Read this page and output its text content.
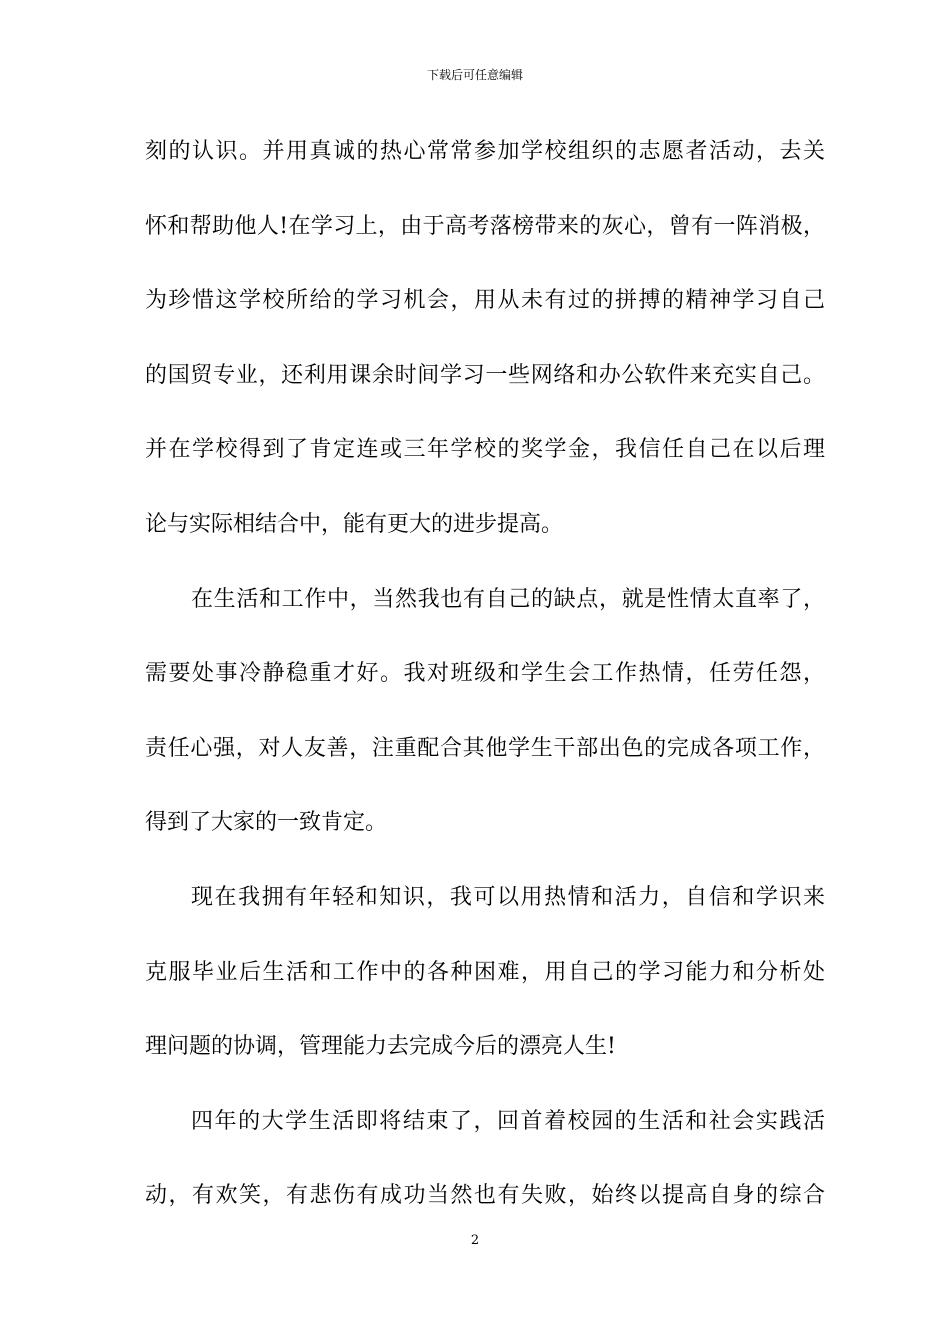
下载后可任意编辑
刻的认识。并用真诚的热心常常参加学校组织的志愿者活动，去关
怀和帮助他人!在学习上，由于高考落榜带来的灰心，曾有一阵消极，
为珍惜这学校所给的学习机会，用从未有过的拼搏的精神学习自己
的国贸专业，还利用课余时间学习一些网络和办公软件来充实自己。
并在学校得到了肯定连或三年学校的奖学金，我信任自己在以后理
论与实际相结合中，能有更大的进步提高。
在生活和工作中，当然我也有自己的缺点，就是性情太直率了，
需要处事冷静稳重才好。我对班级和学生会工作热情，任劳任怨，
责任心强，对人友善，注重配合其他学生干部出色的完成各项工作，
得到了大家的一致肯定。
现在我拥有年轻和知识，我可以用热情和活力，自信和学识来
克服毕业后生活和工作中的各种困难，用自己的学习能力和分析处
理问题的协调，管理能力去完成今后的漂亮人生!
四年的大学生活即将结束了，回首着校园的生活和社会实践活
动，有欢笑，有悲伤有成功当然也有失败，始终以提高自身的综合
2
